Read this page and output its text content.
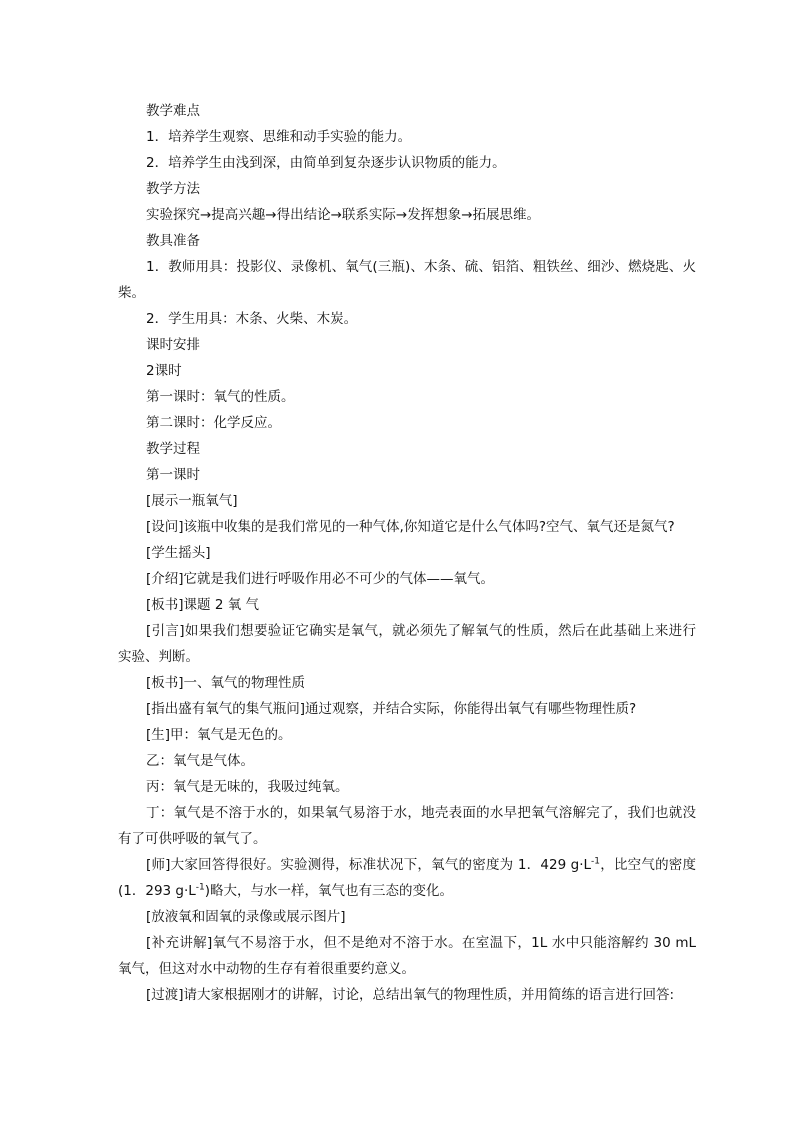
教学难点

1．培养学生观察、思维和动手实验的能力。

2．培养学生由浅到深，由简单到复杂逐步认识物质的能力。

教学方法

实验探究→提高兴趣→得出结论→联系实际→发挥想象→拓展思维。

教具准备

1．教师用具：投影仪、录像机、氧气(三瓶)、木条、硫、铝箔、粗铁丝、细沙、燃烧匙、火柴。

2．学生用具：木条、火柴、木炭。

课时安排

2课时

第一课时：氧气的性质。

第二课时：化学反应。

教学过程

第一课时

[展示一瓶氧气]

[设问]该瓶中收集的是我们常见的一种气体,你知道它是什么气体吗?空气、氧气还是氮气?

[学生摇头]

[介绍]它就是我们进行呼吸作用必不可少的气体——氧气。

[板书]课题 2 氧 气

[引言]如果我们想要验证它确实是氧气，就必须先了解氧气的性质，然后在此基础上来进行实验、判断。

[板书]一、氧气的物理性质

[指出盛有氧气的集气瓶问]通过观察，并结合实际，你能得出氧气有哪些物理性质?

[生]甲：氧气是无色的。

乙：氧气是气体。

丙：氧气是无味的，我吸过纯氧。

丁：氧气是不溶于水的，如果氧气易溶于水，地壳表面的水早把氧气溶解完了，我们也就没有了可供呼吸的氧气了。

[师]大家回答得很好。实验测得，标准状况下，氧气的密度为 1．429 $g\cdot L^{-1}$，比空气的密度(1．293 $g\cdot L^{-1}$)略大，与水一样，氧气也有三态的变化。

[放液氧和固氧的录像或展示图片]

[补充讲解]氧气不易溶于水，但不是绝对不溶于水。在室温下，1L 水中只能溶解约 30 mL 氧气，但这对水中动物的生存有着很重要约意义。

[过渡]请大家根据刚才的讲解，讨论，总结出氧气的物理性质，并用简练的语言进行回答:
